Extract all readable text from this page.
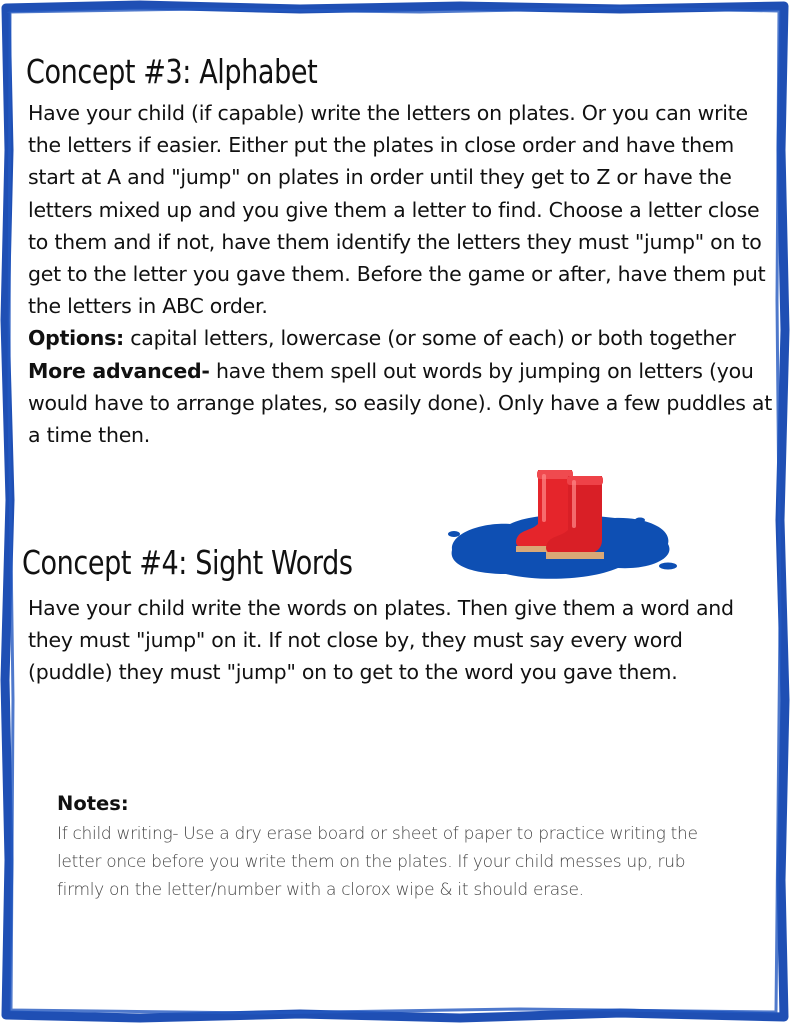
Concept #3: Alphabet

Have your child (if capable) write the letters on plates. Or you can write the letters if easier. Either put the plates in close order and have them start at A and "jump" on plates in order until they get to Z or have the letters mixed up and you give them a letter to find. Choose a letter close to them and if not, have them identify the letters they must "jump" on to get to the letter you gave them. Before the game or after, have them put the letters in ABC order.

Options: capital letters, lowercase (or some of each) or both together

More advanced- have them spell out words by jumping on letters (you would have to arrange plates, so easily done). Only have a few puddles at a time then.

Concept #4: Sight Words

Have your child write the words on plates. Then give them a word and they must "jump" on it. If not close by, they must say every word (puddle) they must "jump" on to get to the word you gave them.

Notes:

If child writing- Use a dry erase board or sheet of paper to practice writing the letter once before you write them on the plates. If your child messes up, rub firmly on the letter/number with a clorox wipe & it should erase.
